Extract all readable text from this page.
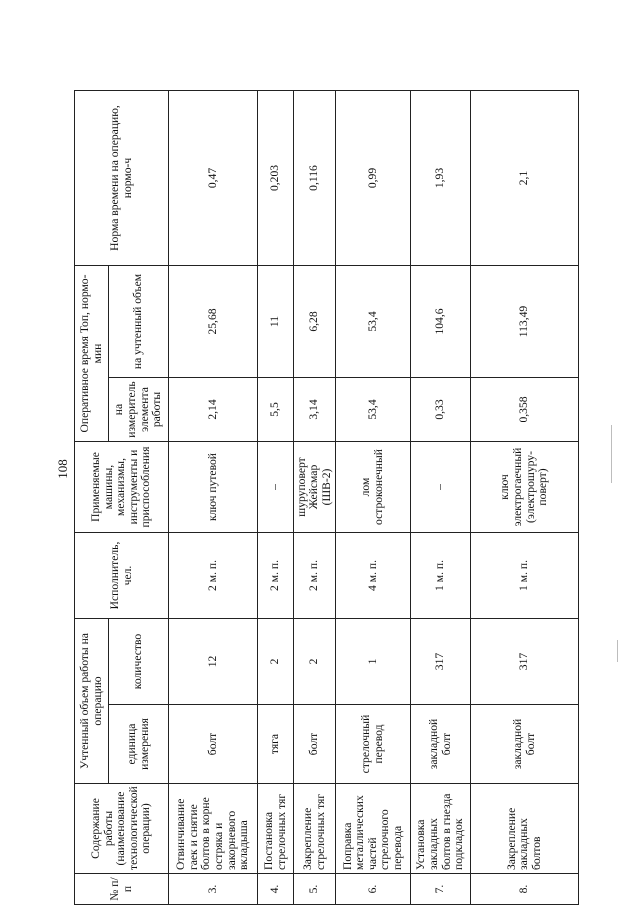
108
№ п/п	Содержание работы (наименование технологической операции)	Учтенный объем работы на операцию		Исполнитель, чел.	Применяемые машины, механизмы, инструменты и приспособления	Оперативное время Топ, нормо-мин		Норма времени на операцию, нормо-ч
		единица измерения	количество			на измеритель элемента работы	на учтенный объем	
3.	Отвинчивание гаек и снятие болтов в корне остряка и закорневого вкладыша	болт	12	2 м. п.	ключ путевой	2,14	25,68	0,47
4.	Постановка стрелочных тяг	тяга	2	2 м. п.	–	5,5	11	0,203
5.	Закрепление стрелочных тяг	болт	2	2 м. п.	шуруповерт Жейсмар (ШВ-2)	3,14	6,28	0,116
6.	Поправка металлических частей стрелочного перевода	стрелочный перевод	1	4 м. п.	лом остроконечный	53,4	53,4	0,99
7.	Установка закладных болтов в гнезда подкладок	закладной болт	317	1 м. п.	–	0,33	104,6	1,93
8.	Закрепление закладных болтов	закладной болт	317	1 м. п.	ключ электрогаечный (электрошуру-поверт)	0,358	113,49	2,1
